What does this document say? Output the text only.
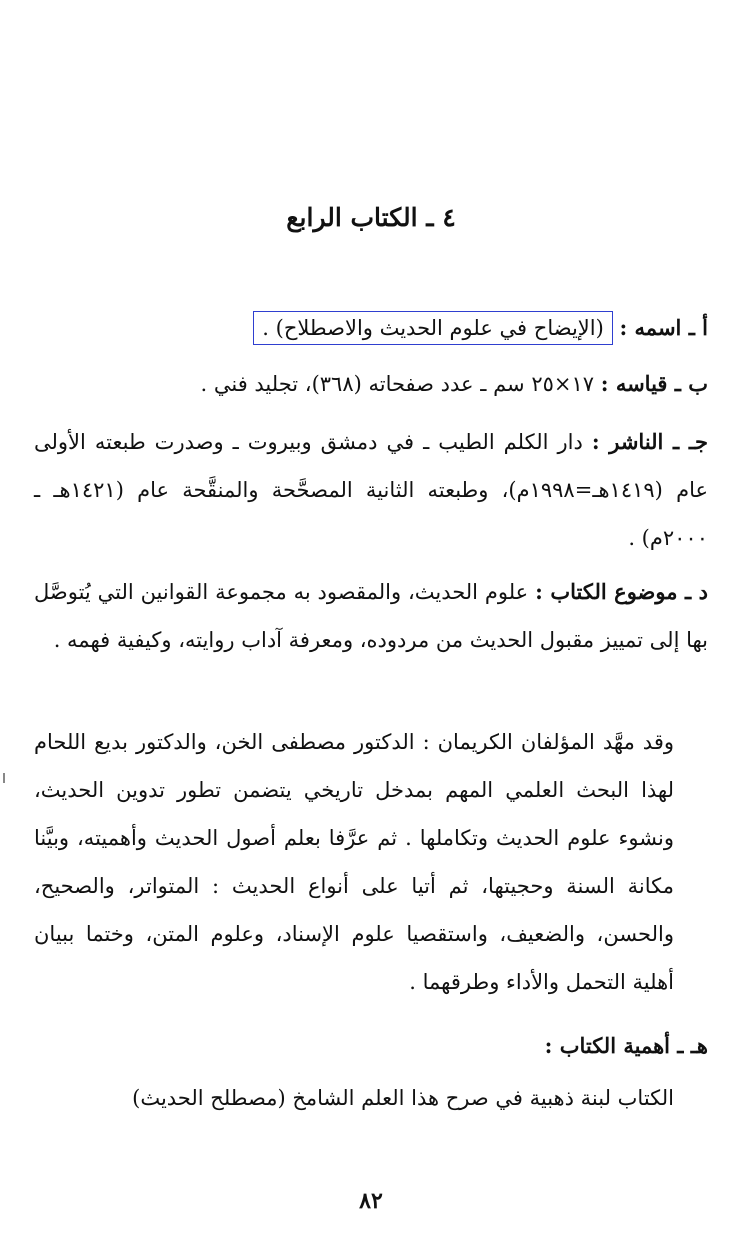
٤ ـ الكتاب الرابع
أ ـ اسمه : (الإيضاح في علوم الحديث والاصطلاح) .
ب ـ قياسه : ١٧×٢٥ سم ـ عدد صفحاته (٣٦٨)، تجليد فني .
جـ ـ الناشر : دار الكلم الطيب ـ في دمشق وبيروت ـ وصدرت طبعته الأولى عام (١٤١٩هـ=١٩٩٨م)، وطبعته الثانية المصحَّحة والمنقَّحة عام (١٤٢١هـ ـ ٢٠٠٠م) .
د ـ موضوع الكتاب : علوم الحديث، والمقصود به مجموعة القوانين التي يُتوصَّل بها إلى تمييز مقبول الحديث من مردوده، ومعرفة آداب روايته، وكيفية فهمه .
وقد مهَّد المؤلفان الكريمان : الدكتور مصطفى الخن، والدكتور بديع اللحام لهذا البحث العلمي المهم بمدخل تاريخي يتضمن تطور تدوين الحديث، ونشوء علوم الحديث وتكاملها . ثم عرَّفا بعلم أصول الحديث وأهميته، وبيَّنا مكانة السنة وحجيتها، ثم أتيا على أنواع الحديث : المتواتر، والصحيح، والحسن، والضعيف، واستقصيا علوم الإسناد، وعلوم المتن، وختما ببيان أهلية التحمل والأداء وطرقهما .
هـ ـ أهمية الكتاب :
الكتاب لبنة ذهبية في صرح هذا العلم الشامخ (مصطلح الحديث)
٨٢
